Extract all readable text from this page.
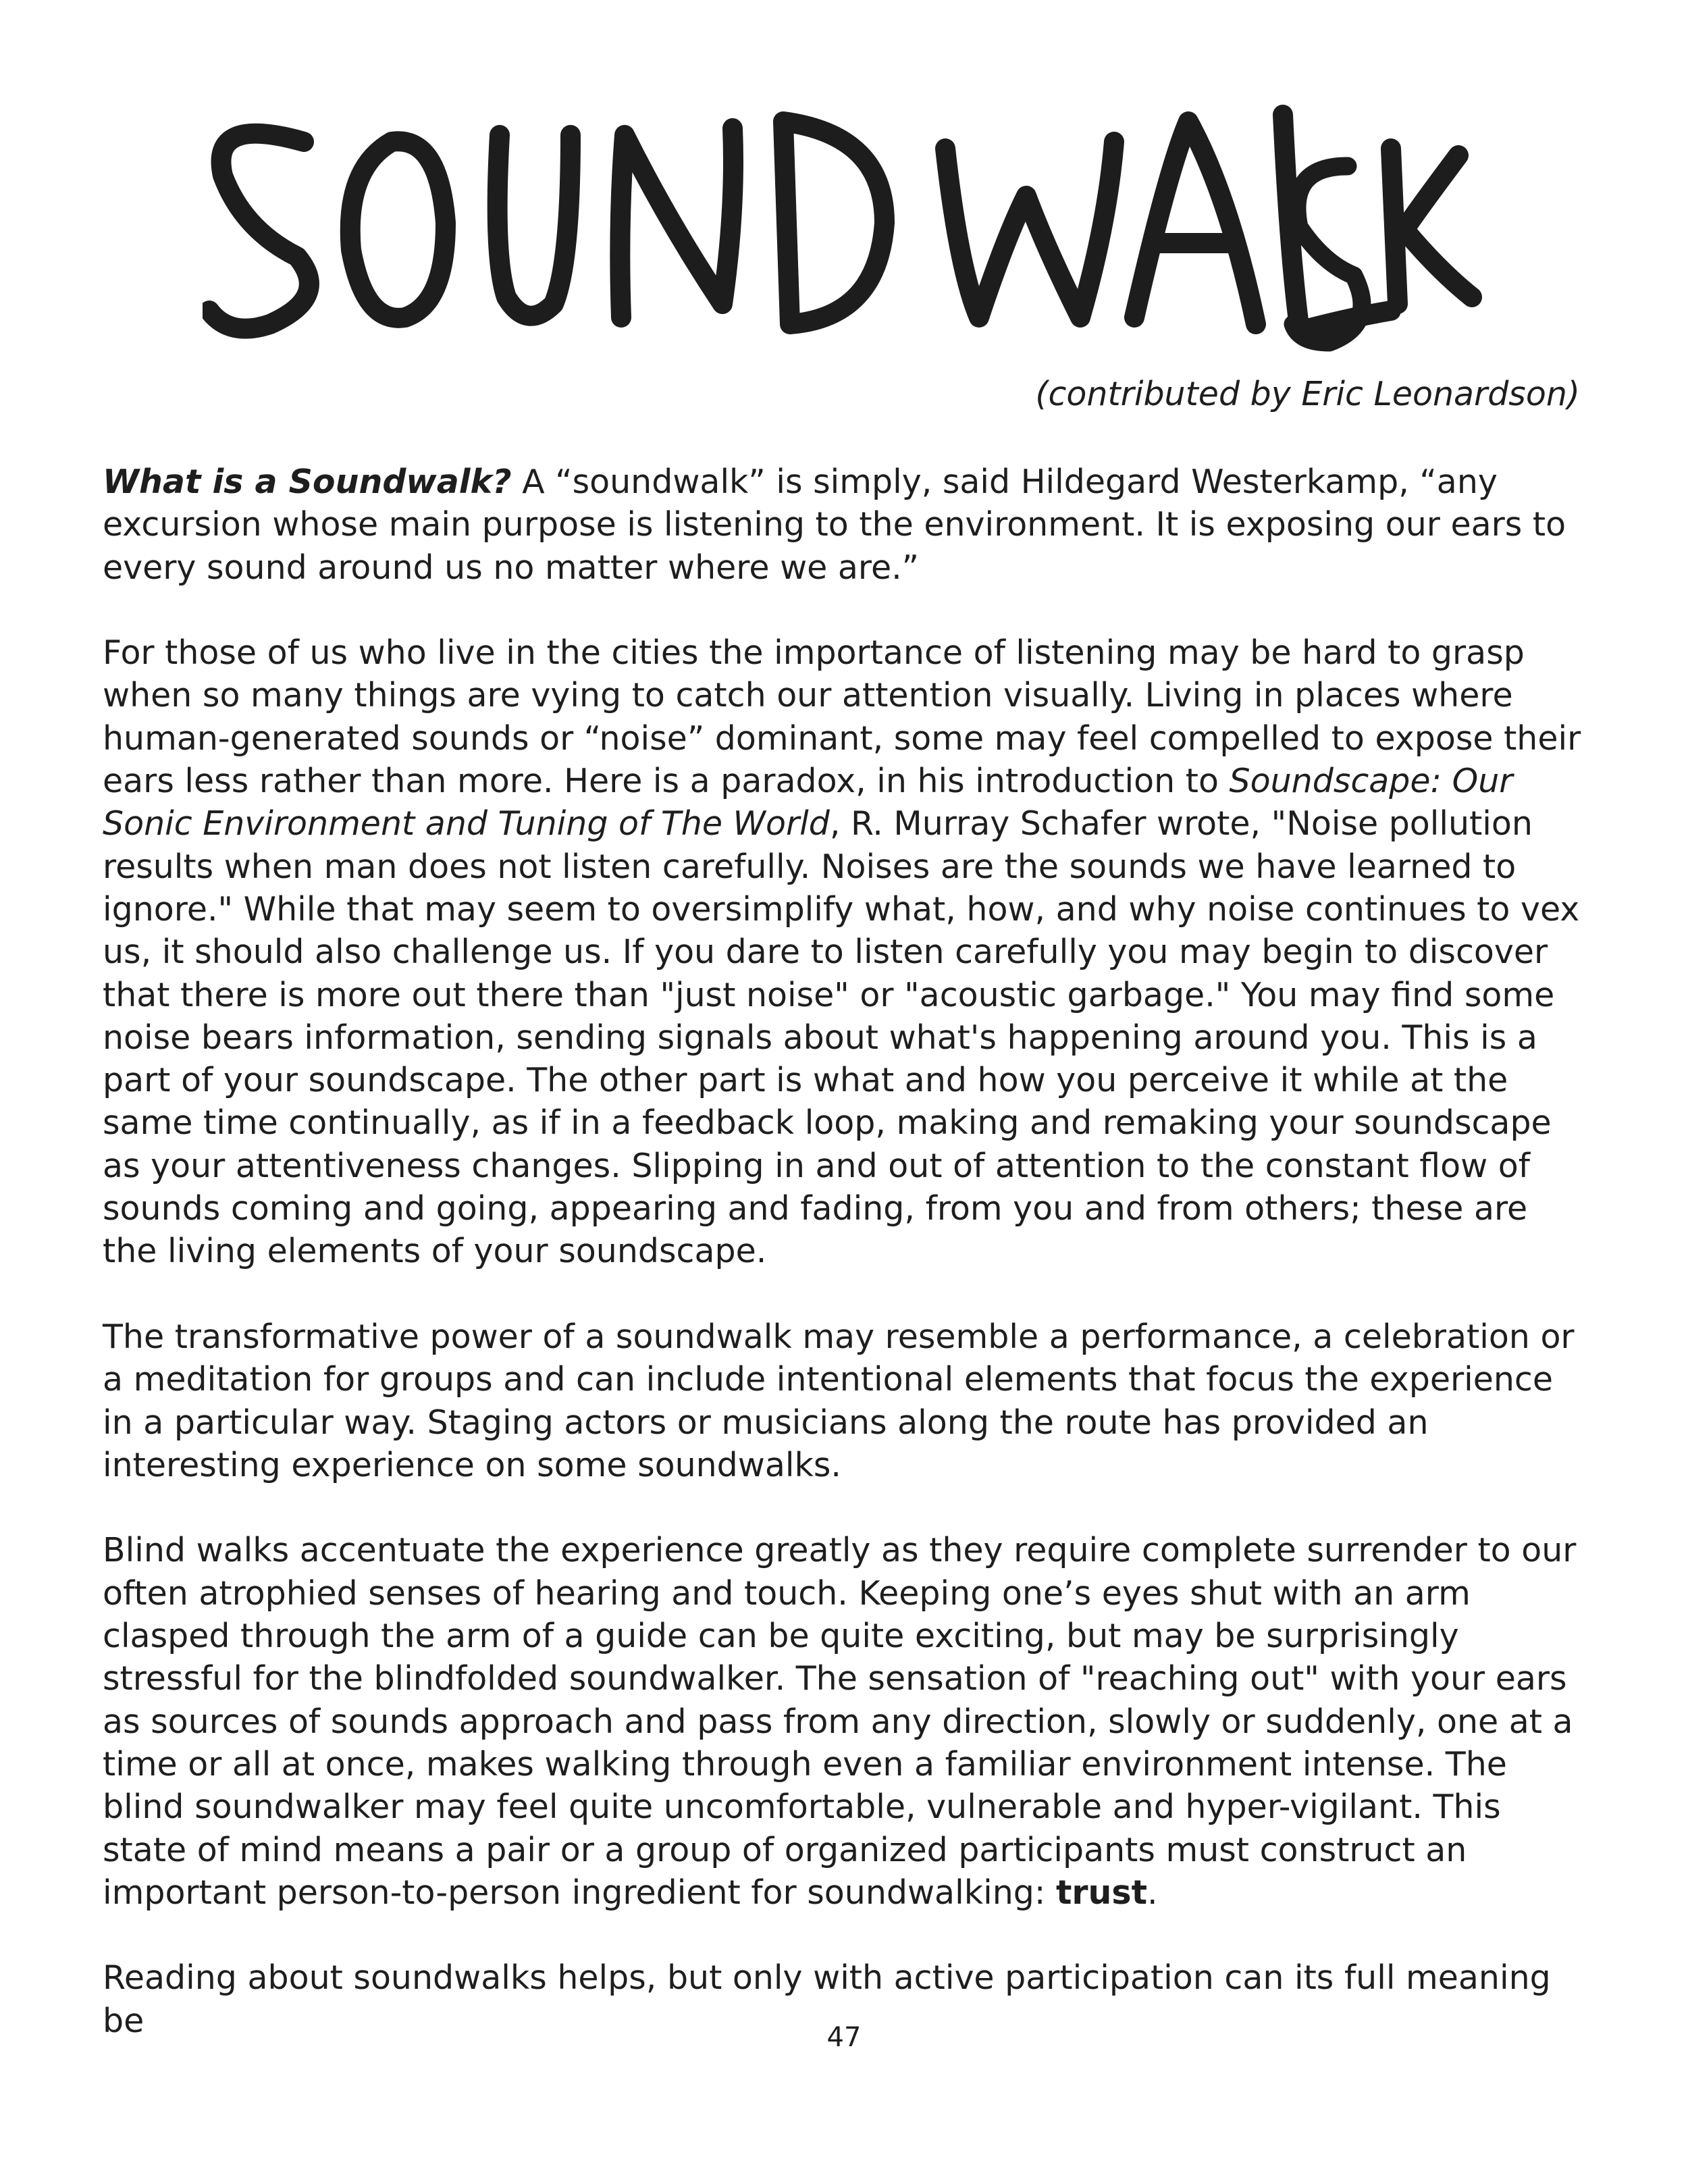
(contributed by Eric Leonardson)

What is a Soundwalk? A “soundwalk” is simply, said Hildegard Westerkamp, “any excursion whose main purpose is listening to the environment. It is exposing our ears to every sound around us no matter where we are.”

For those of us who live in the cities the importance of listening may be hard to grasp when so many things are vying to catch our attention visually. Living in places where human-generated sounds or “noise” dominant, some may feel compelled to expose their ears less rather than more. Here is a paradox, in his introduction to Soundscape: Our Sonic Environment and Tuning of The World, R. Murray Schafer wrote, "Noise pollution results when man does not listen carefully. Noises are the sounds we have learned to ignore." While that may seem to oversimplify what, how, and why noise continues to vex us, it should also challenge us. If you dare to listen carefully you may begin to discover that there is more out there than "just noise" or "acoustic garbage." You may find some noise bears information, sending signals about what's happening around you. This is a part of your soundscape. The other part is what and how you perceive it while at the same time continually, as if in a feedback loop, making and remaking your soundscape as your attentiveness changes. Slipping in and out of attention to the constant flow of sounds coming and going, appearing and fading, from you and from others; these are the living elements of your soundscape.

The transformative power of a soundwalk may resemble a performance, a celebration or a meditation for groups and can include intentional elements that focus the experience in a particular way. Staging actors or musicians along the route has provided an interesting experience on some soundwalks.

Blind walks accentuate the experience greatly as they require complete surrender to our often atrophied senses of hearing and touch. Keeping one’s eyes shut with an arm clasped through the arm of a guide can be quite exciting, but may be surprisingly stressful for the blindfolded soundwalker. The sensation of "reaching out" with your ears as sources of sounds approach and pass from any direction, slowly or suddenly, one at a time or all at once, makes walking through even a familiar environment intense. The blind soundwalker may feel quite uncomfortable, vulnerable and hyper-vigilant. This state of mind means a pair or a group of organized participants must construct an important person-to-person ingredient for soundwalking: trust.

Reading about soundwalks helps, but only with active participation can its full meaning be	47
